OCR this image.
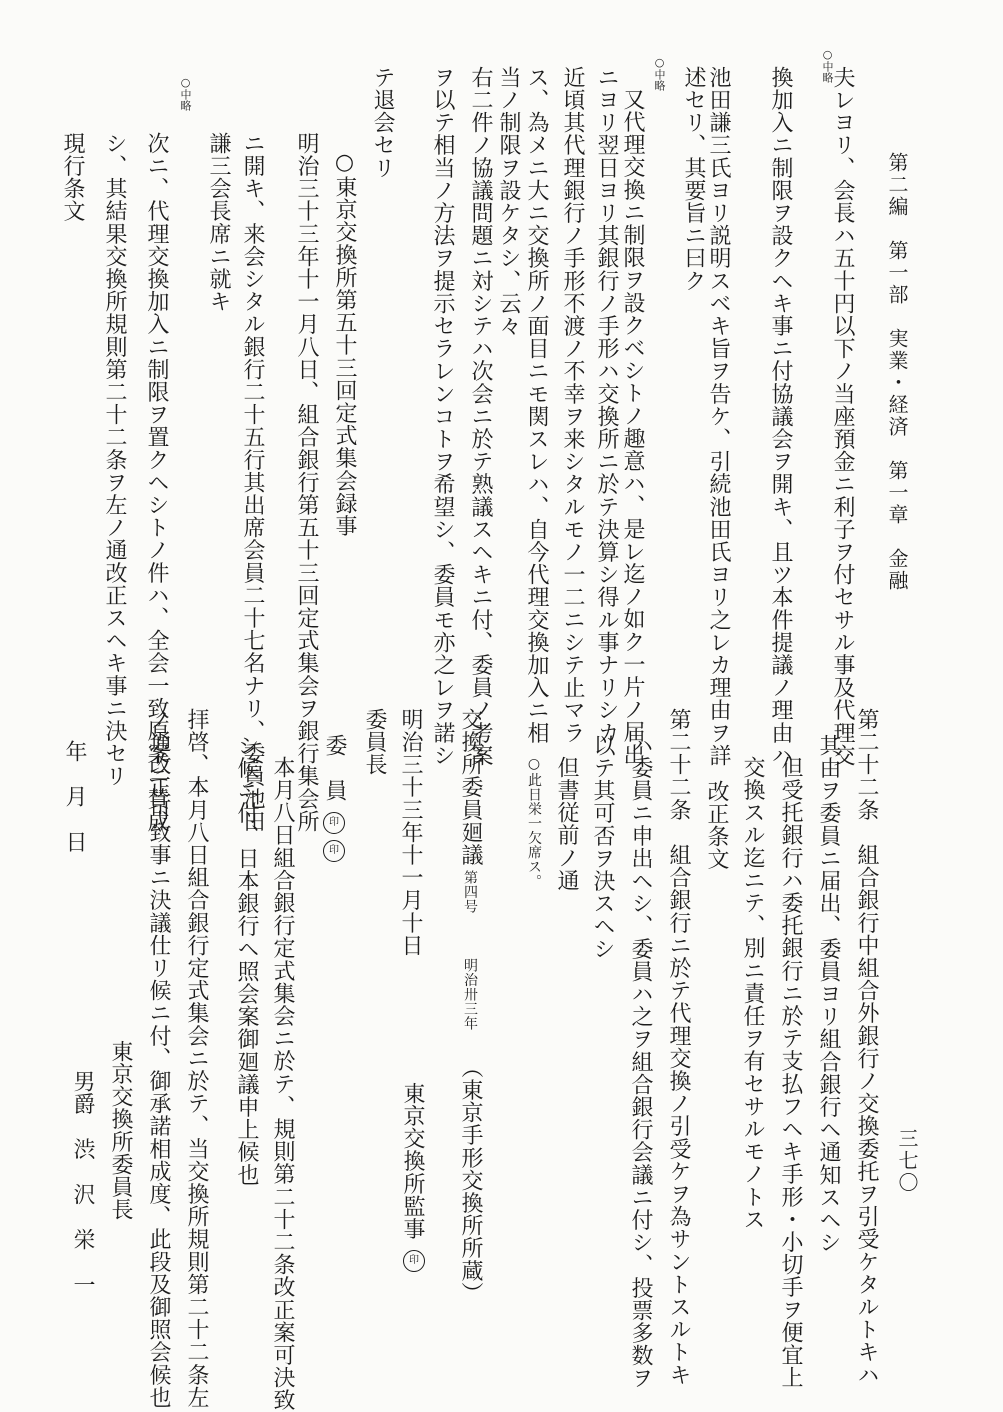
第二編　第一部　実業・経済　第一章　金融
三七〇
○中略
夫レヨリ、会長ハ五十円以下ノ当座預金ニ利子ヲ付セサル事及代理交
換加入ニ制限ヲ設クヘキ事ニ付協議会ヲ開キ、且ツ本件提議ノ理由ハ
池田謙三氏ヨリ説明スベキ旨ヲ告ケ、引続池田氏ヨリ之レカ理由ヲ詳
述セリ、其要旨ニ曰ク
○中略
又代理交換ニ制限ヲ設クベシトノ趣意ハ、是レ迄ノ如ク一片ノ届出
ニヨリ翌日ヨリ其銀行ノ手形ハ交換所ニ於テ決算シ得ル事ナリシカ
近頃其代理銀行ノ手形不渡ノ不幸ヲ来シタルモノ一二ニシテ止マラ
ス、為メニ大ニ交換所ノ面目ニモ関スレハ、自今代理交換加入ニ相
当ノ制限ヲ設ケタシ、云々
右二件ノ協議問題ニ対シテハ次会ニ於テ熟議スヘキニ付、委員ノ考案
ヲ以テ相当ノ方法ヲ提示セラレンコトヲ希望シ、委員モ亦之レヲ諾シ
テ退会セリ
○東京交換所第五十三回定式集会録事
明治三十三年十一月八日、組合銀行第五十三回定式集会ヲ銀行集会所
ニ開キ、来会シタル銀行二十五行其出席会員二十七名ナリ、委員池田
謙三会長席ニ就キ
○中略
次ニ、代理交換加入ニ制限ヲ置クヘシトノ件ハ、全会一致原案ニ賛成
シ、其結果交換所規則第二十二条ヲ左ノ通改正スヘキ事ニ決セリ
現行条文
第二十二条　組合銀行中組合外銀行ノ交換委托ヲ引受ケタルトキハ
其由ヲ委員ニ届出、委員ヨリ組合銀行ヘ通知スヘシ
但受托銀行ハ委托銀行ニ於テ支払フヘキ手形・小切手ヲ便宜上
交換スル迄ニテ、別ニ責任ヲ有セサルモノトス
改正条文
第二十二条　組合銀行ニ於テ代理交換ノ引受ケヲ為サントスルトキ
ハ委員ニ申出ヘシ、委員ハ之ヲ組合銀行会議ニ付シ、投票多数ヲ
以テ其可否ヲ決スヘシ
但書従前ノ通
○此日栄一欠席ス。
交換所委員廻議
第四号
明治卅三年
（東京手形交換所所蔵）
明治三十三年十一月十日
東京交換所監事
印
委員長
委　員
印
印
本月八日組合銀行定式集会ニ於テ、規則第二十二条改正案可決致
シ候ニ付、日本銀行ヘ照会案御廻議申上候也
拝啓、本月八日組合銀行定式集会ニ於テ、当交換所規則第二十二条左
ノ通改正可致事ニ決議仕リ候ニ付、御承諾相成度、此段及御照会候也
東京交換所委員長
男爵　渋　沢　栄　一
年　月　日
